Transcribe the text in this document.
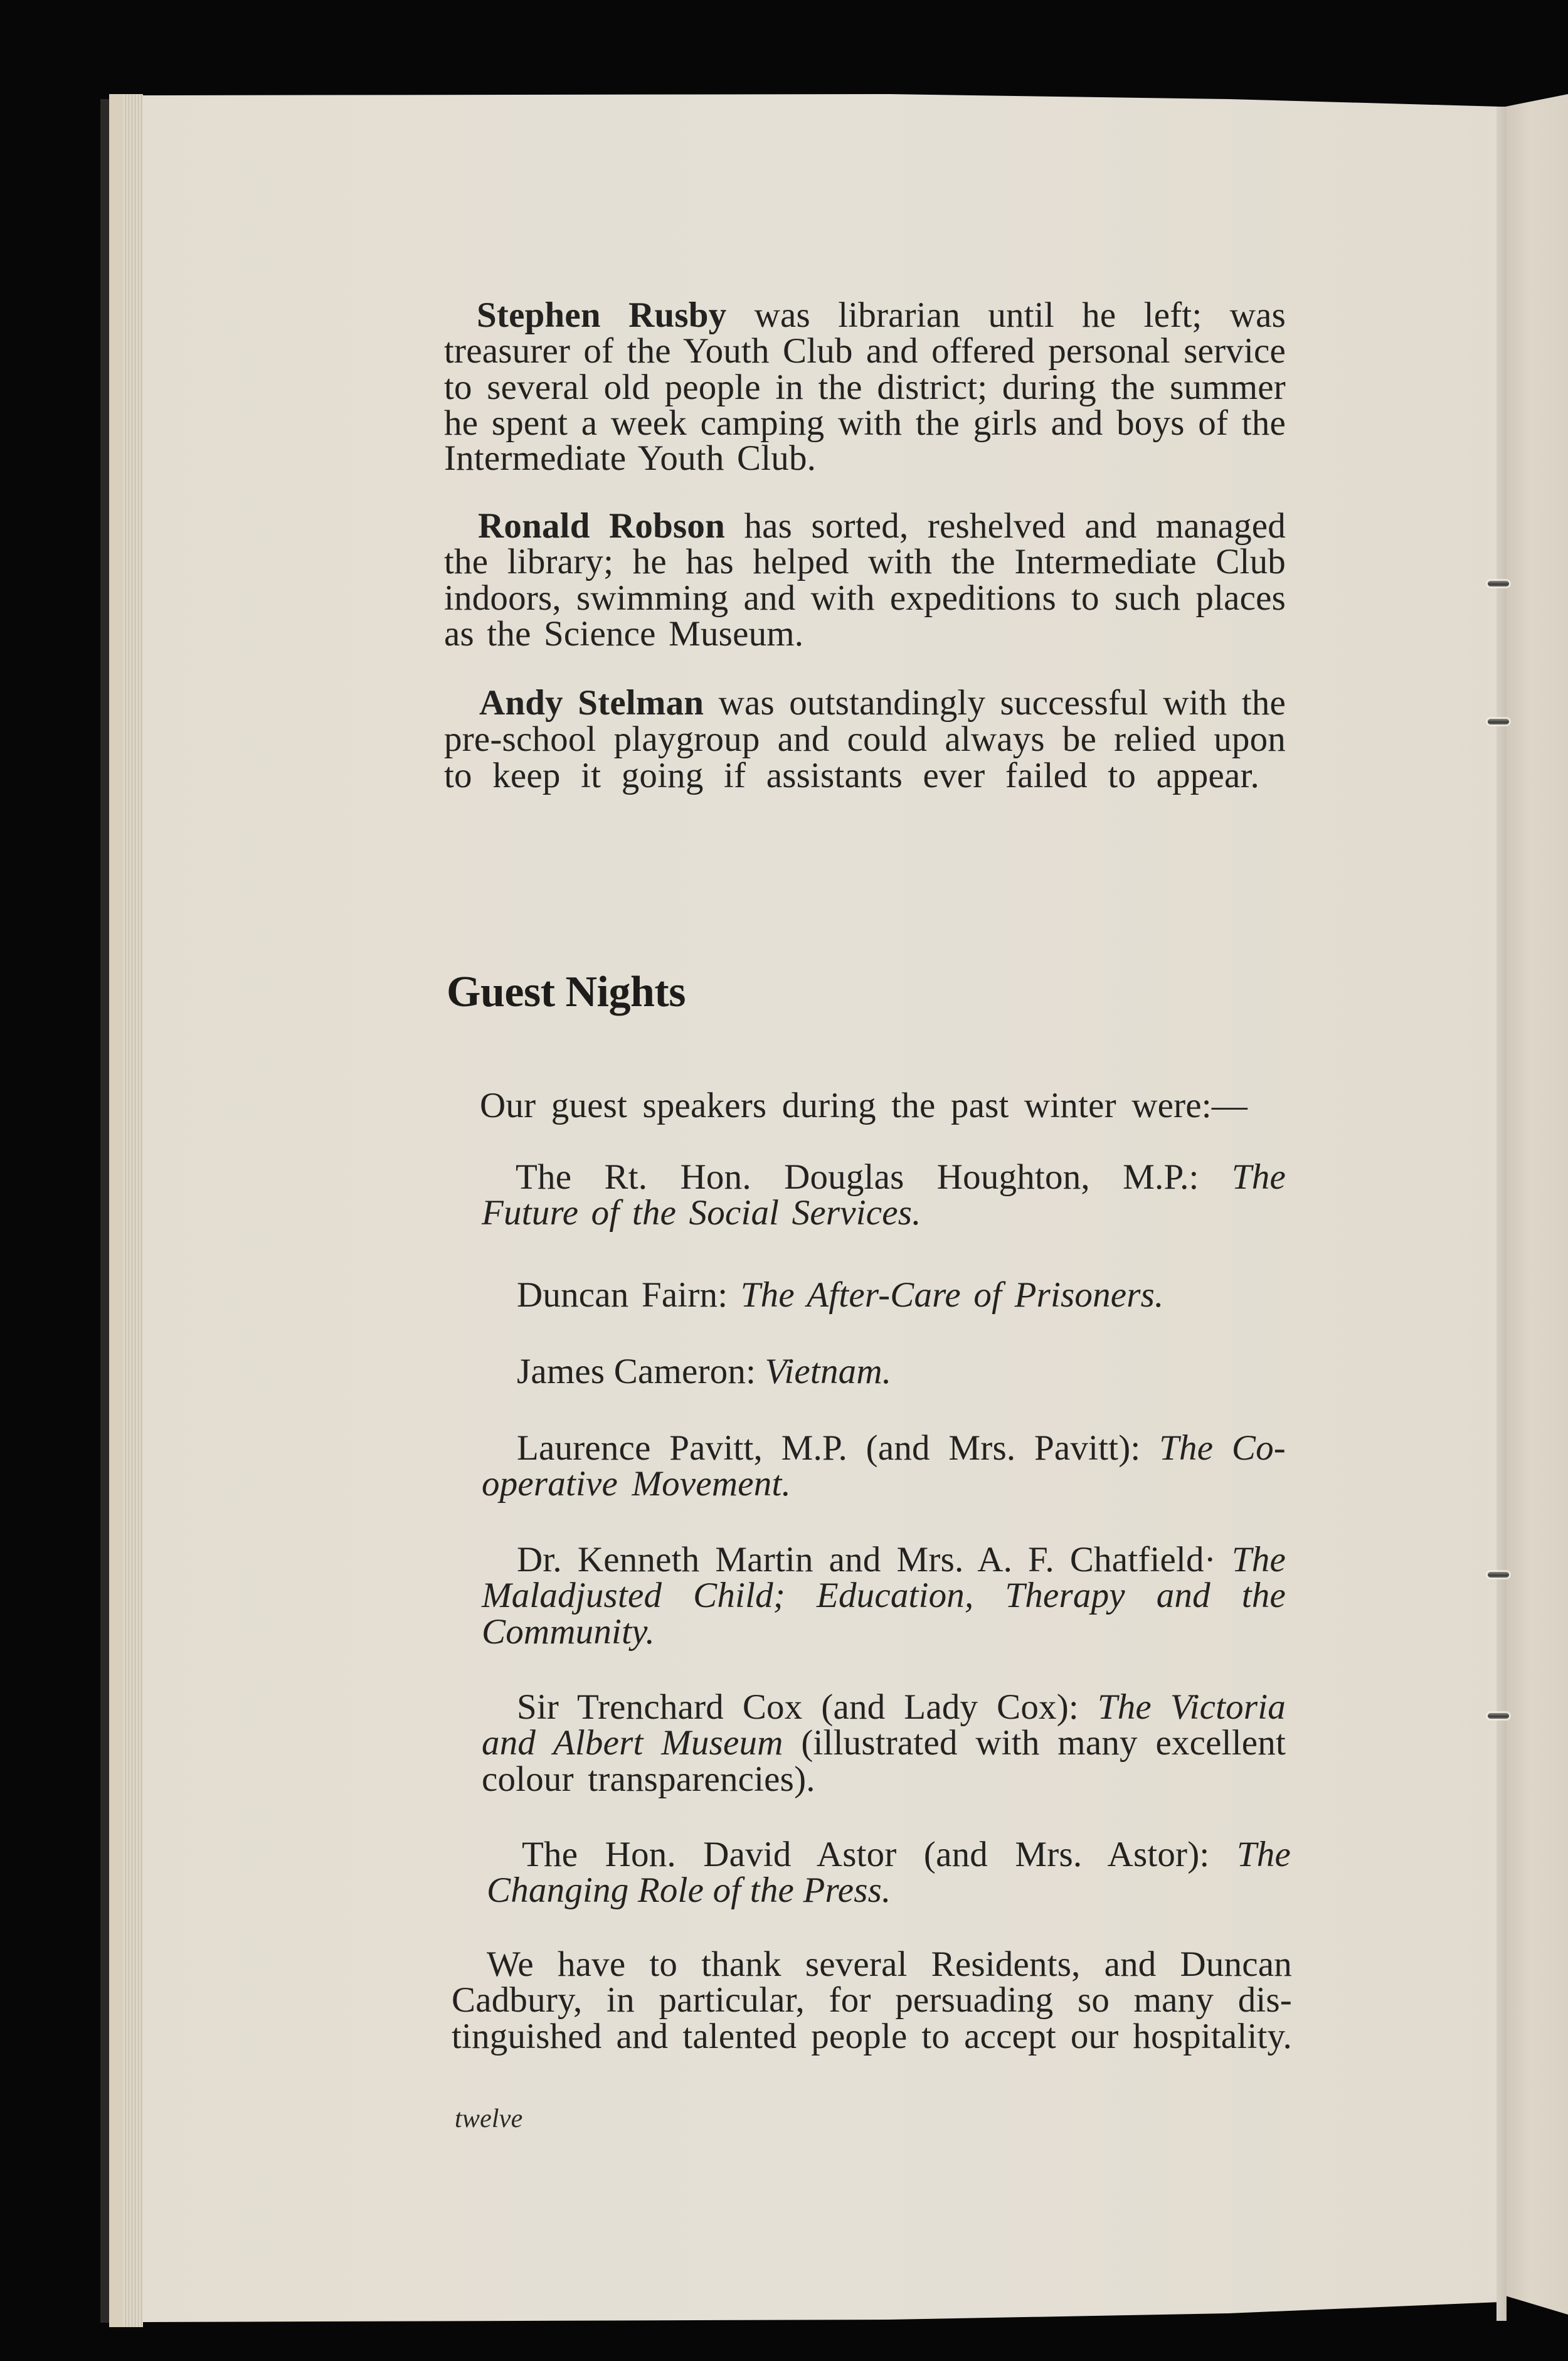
Stephen Rusby was librarian until he left; was
treasurer of the Youth Club and offered personal service
to several old people in the district; during the summer
he spent a week camping with the girls and boys of the
Intermediate Youth Club.
Ronald Robson has sorted, reshelved and managed
the library; he has helped with the Intermediate Club
indoors, swimming and with expeditions to such places
as the Science Museum.
Andy Stelman was outstandingly successful with the
pre-school playgroup and could always be relied upon
to keep it going if assistants ever failed to appear.
Guest Nights
Our guest speakers during the past winter were:—
The Rt. Hon. Douglas Houghton, M.P.: The
Future of the Social Services.
Duncan Fairn: The After-Care of Prisoners.
James Cameron: Vietnam.
Laurence Pavitt, M.P. (and Mrs. Pavitt): The Co-
operative Movement.
Dr. Kenneth Martin and Mrs. A. F. Chatfield· The
Maladjusted Child; Education, Therapy and the
Community.
Sir Trenchard Cox (and Lady Cox): The Victoria
and Albert Museum (illustrated with many excellent
colour transparencies).
The Hon. David Astor (and Mrs. Astor): The
Changing Role of the Press.
We have to thank several Residents, and Duncan
Cadbury, in particular, for persuading so many dis-
tinguished and talented people to accept our hospitality.
twelve
